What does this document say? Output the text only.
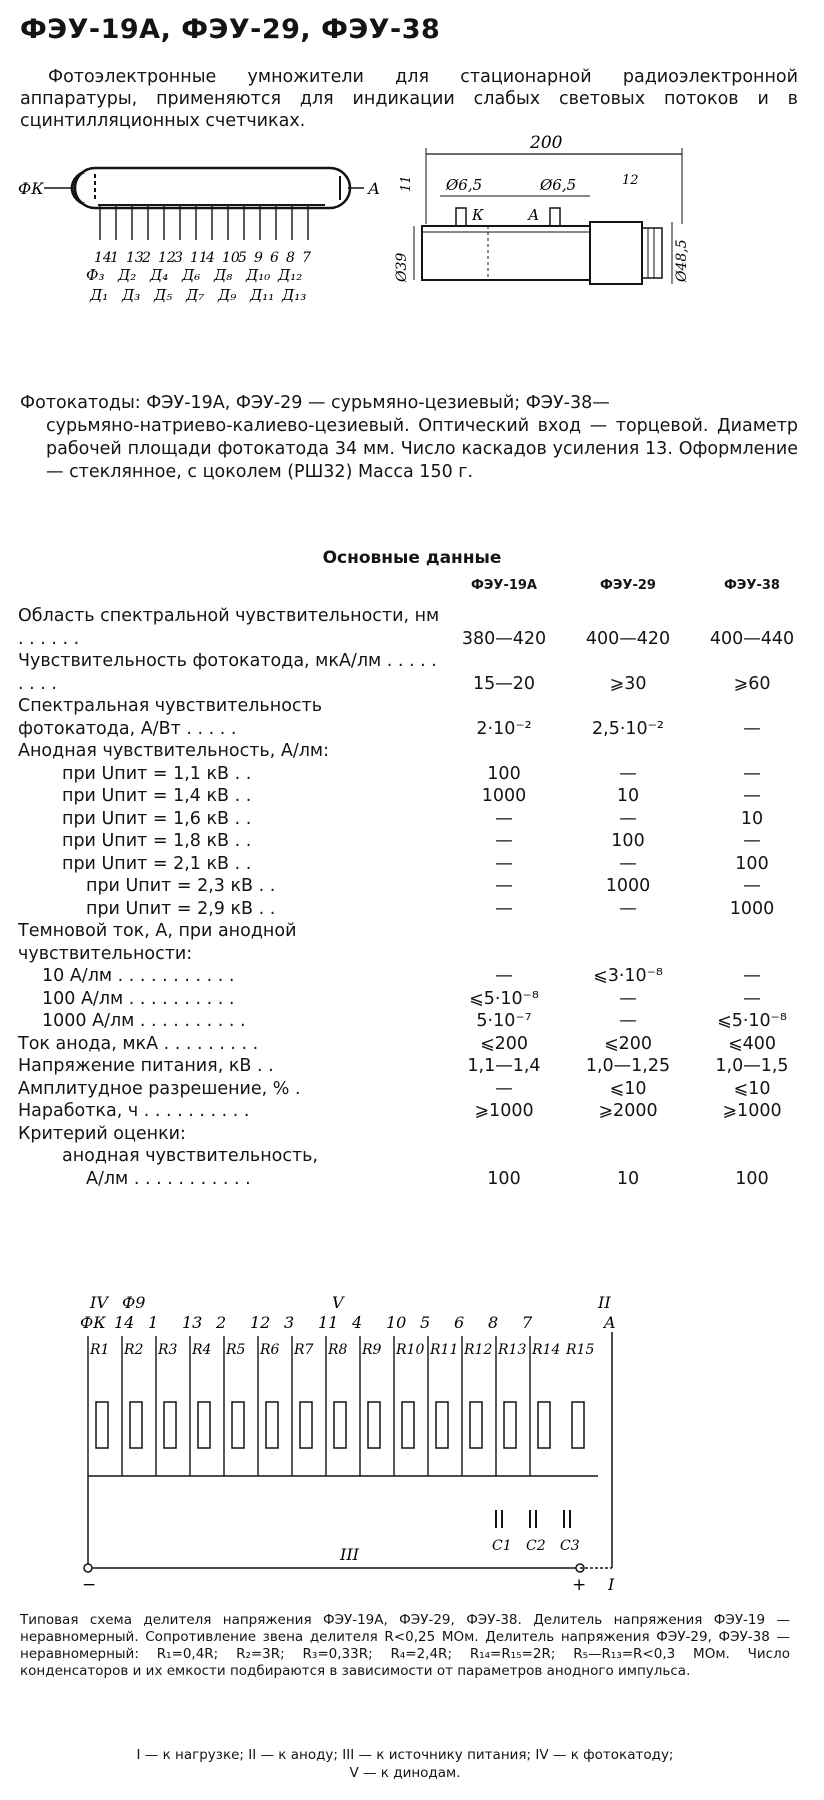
ФЭУ-19А, ФЭУ-29, ФЭУ-38

Фотоэлектронные умножители для стационарной радиоэлектронной аппаратуры, применяются для индикации слабых световых потоков и в сцинтилляционных счетчиках.

ФК	А
14
1 13
2 12
3 11
4 10
5 9 6 8 7
Ф₃ Д₂ Д₄ Д₆ Д₈ Д₁₀ Д₁₂
Д₁ Д₃ Д₅ Д₇ Д₉ Д₁₁ Д₁₃
200
Ø6,5	Ø6,5
11	12
К	А
Ø39	Ø48,5

Фотокатоды: ФЭУ-19А, ФЭУ-29 — сурьмяно-цезиевый; ФЭУ-38—
сурьмяно-натриево-калиево-цезиевый. Оптический вход — торцевой. Диаметр рабочей площади фотокатода 34 мм. Число каскадов усиления 13. Оформление — стеклянное, с цоколем (РШ32) Масса 150 г.

Основные данные
	ФЭУ-19А	ФЭУ-29	ФЭУ-38
Область спектральной чувствительности, нм . . . . . .	380—420	400—420	400—440
Чувствительность фотокатода, мкА/лм . . . . . . . . .	15—20	⩾30	⩾60
Спектральная чувствительность фотокатода, А/Вт . . . . .	2·10⁻²	2,5·10⁻²	—
Анодная чувствительность, А/лм:			
при Uпит = 1,1 кВ . .	100	—	—
при Uпит = 1,4 кВ . .	1000	10	—
при Uпит = 1,6 кВ . .	—	—	10
при Uпит = 1,8 кВ . .	—	100	—
при Uпит = 2,1 кВ . .	—	—	100
при Uпит = 2,3 кВ . .	—	1000	—
при Uпит = 2,9 кВ . .	—	—	1000
Темновой ток, А, при анодной чувствительности:			
10 А/лм . . . . . . . . . . .	—	⩽3·10⁻⁸	—
100 А/лм . . . . . . . . . .	⩽5·10⁻⁸	—	—
1000 А/лм . . . . . . . . . .	5·10⁻⁷	—	⩽5·10⁻⁸
Ток анода, мкА . . . . . . . . .	⩽200	⩽200	⩽400
Напряжение питания, кВ . .	1,1—1,4	1,0—1,25	1,0—1,5
Амплитудное разрешение, % .	—	⩽10	⩽10
Наработка, ч . . . . . . . . . .	⩾1000	⩾2000	⩾1000
Критерий оценки:			
анодная чувствительность,			
А/лм . . . . . . . . . . .	100	10	100
IV Ф9	V	II
ФК 14 1 13 2 12 3 11 4 10 5 6 8 7	A
R1 R2 R3 R4 R5 R6 R7 R8 R9 R10 R11 R12 R13 R14 R15
−	+ I
III	C1 C2 C3

Типовая схема делителя напряжения ФЭУ-19А, ФЭУ-29, ФЭУ-38. Делитель напряжения ФЭУ-19 — неравномерный. Сопротивление звена делителя R<0,25 МОм. Делитель напряжения ФЭУ-29, ФЭУ-38 — неравномерный: R₁=0,4R; R₂=3R; R₃=0,33R; R₄=2,4R; R₁₄=R₁₅=2R; R₅—R₁₃=R<0,3 МОм. Число конденсаторов и их емкости подбираются в зависимости от параметров анодного импульса.

I — к нагрузке; II — к аноду; III — к источнику питания; IV — к фотокатоду;
V — к динодам.
